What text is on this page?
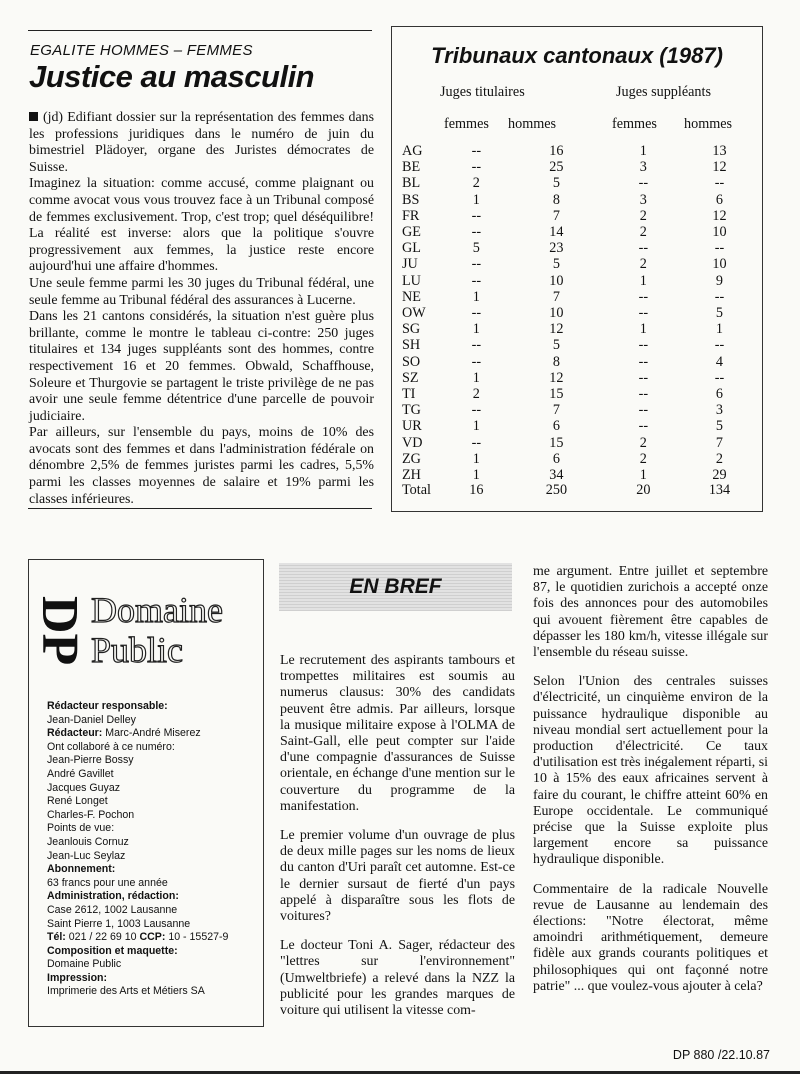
EGALITE HOMMES – FEMMES
Justice au masculin

(jd) Edifiant dossier sur la représentation des femmes dans les professions juridiques dans le numéro de juin du bimestriel Plädoyer, organe des Juristes démocrates de Suisse.

Imaginez la situation: comme accusé, comme plaignant ou comme avocat vous vous trouvez face à un Tribunal composé de femmes exclusivement. Trop, c'est trop; quel déséquilibre! La réalité est inverse: alors que la politique s'ouvre progressivement aux femmes, la justice reste encore aujourd'hui une affaire d'hommes.

Une seule femme parmi les 30 juges du Tribunal fédéral, une seule femme au Tribunal fédéral des assurances à Lucerne.

Dans les 21 cantons considérés, la situation n'est guère plus brillante, comme le montre le tableau ci-contre: 250 juges titulaires et 134 juges suppléants sont des hommes, contre respectivement 16 et 20 femmes. Obwald, Schaffhouse, Soleure et Thurgovie se partagent le triste privilège de ne pas avoir une seule femme détentrice d'une parcelle de pouvoir judiciaire.

Par ailleurs, sur l'ensemble du pays, moins de 10% des avocats sont des femmes et dans l'administration fédérale on dénombre 2,5% de femmes juristes parmi les cadres, 5,5% parmi les classes moyennes de salaire et 19% parmi les classes inférieures.

Tribunaux cantonaux (1987)
Juges titulaires	Juges suppléants
femmes hommes	femmes hommes
AG	--	16	1	13
BE	--	25	3	12
BL	2	5	--	--
BS	1	8	3	6
FR	--	7	2	12
GE	--	14	2	10
GL	5	23	--	--
JU	--	5	2	10
LU	--	10	1	9
NE	1	7	--	--
OW	--	10	--	5
SG	1	12	1	1
SH	--	5	--	--
SO	--	8	--	4
SZ	1	12	--	--
TI	2	15	--	6
TG	--	7	--	3
UR	1	6	--	5
VD	--	15	2	7
ZG	1	6	2	2
ZH	1	34	1	29
Total	16	250	20	134
DP Domaine
Public
Rédacteur responsable:
Jean-Daniel Delley
Rédacteur: Marc-André Miserez
Ont collaboré à ce numéro:
Jean-Pierre Bossy
André Gavillet
Jacques Guyaz
René Longet
Charles-F. Pochon
Points de vue:
Jeanlouis Cornuz
Jean-Luc Seylaz
Abonnement:
63 francs pour une année
Administration, rédaction:
Case 2612, 1002 Lausanne
Saint Pierre 1, 1003 Lausanne
Tél: 021 / 22 69 10 CCP: 10 - 15527-9
Composition et maquette:
Domaine Public
Impression:
Imprimerie des Arts et Métiers SA
EN BREF

Le recrutement des aspirants tambours et trompettes militaires est soumis au numerus clausus: 30% des candidats peuvent être admis. Par ailleurs, lorsque la musique militaire expose à l'OLMA de Saint-Gall, elle peut compter sur l'aide d'une compagnie d'assurances de Suisse orientale, en échange d'une mention sur le couverture du programme de la manifestation.

Le premier volume d'un ouvrage de plus de deux mille pages sur les noms de lieux du canton d'Uri paraît cet automne. Est-ce le dernier sursaut de fierté d'un pays appelé à disparaître sous les flots de voitures?

Le docteur Toni A. Sager, rédacteur des "lettres sur l'environnement" (Umweltbriefe) a relevé dans la NZZ la publicité pour les grandes marques de voiture qui utilisent la vitesse com-

me argument. Entre juillet et septembre 87, le quotidien zurichois a accepté onze fois des annonces pour des automobiles qui avouent fièrement être capables de dépasser les 180 km/h, vitesse illégale sur l'ensemble du réseau suisse.

Selon l'Union des centrales suisses d'électricité, un cinquième environ de la puissance hydraulique disponible au niveau mondial sert actuellement pour la production d'électricité. Ce taux d'utilisation est très inégalement réparti, si 10 à 15% des eaux africaines servent à faire du courant, le chiffre atteint 60% en Europe occidentale. Le communiqué précise que la Suisse exploite plus largement encore sa puissance hydraulique disponible.

Commentaire de la radicale Nouvelle revue de Lausanne au lendemain des élections: "Notre électorat, même amoindri arithmétiquement, demeure fidèle aux grands courants politiques et philosophiques qui ont façonné notre patrie" ... que voulez-vous ajouter à cela?

DP 880 /22.10.87
